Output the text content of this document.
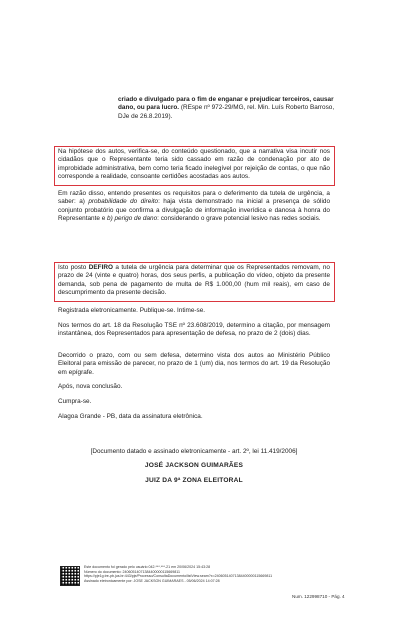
criado e divulgado para o fim de enganar e prejudicar terceiros, causar
dano, ou para lucro. (REspe nº 972-29/MG, rel. Min. Luís Roberto Barroso,
DJe de 26.8.2019).
Na hipótese dos autos, verifica-se, do conteúdo questionado, que a narrativa visa incutir nos cidadãos que o Representante teria sido cassado em razão de condenação por ato de improbidade administrativa, bem como teria ficado inelegível por rejeição de contas, o que não corresponde a realidade, consoante certidões acostadas aos autos.
Em razão disso, entendo presentes os requisitos para o deferimento da tutela de urgência, a saber: a) probabilidade do direito: haja vista demonstrado na inicial a presença de sólido conjunto probatório que confirma a divulgação de informação inverídica e danosa à honra do Representante e b) perigo de dano: considerando o grave potencial lesivo nas redes sociais.
Isto posto DEFIRO a tutela de urgência para determinar que os Representados removam, no prazo de 24 (vinte e quatro) horas, dos seus perfis, a publicação do vídeo, objeto da presente demanda, sob pena de pagamento de multa de R$ 1.000,00 (hum mil reais), em caso de descumprimento da presente decisão.
Registrada eletronicamente. Publique-se. Intime-se.
Nos termos do art. 18 da Resolução TSE nº 23.608/2019, determino a citação, por mensagem instantânea, dos Representados para apresentação de defesa, no prazo de 2 (dois) dias.
Decorrido o prazo, com ou sem defesa, determino vista dos autos ao Ministério Público Eleitoral para emissão de parecer, no prazo de 1 (um) dia, nos termos do art. 19 da Resolução em epígrafe.
Após, nova conclusão.
Cumpra-se.
Alagoa Grande - PB, data da assinatura eletrônica.
[Documento datado e assinado eletronicamente - art. 2º, lei 11.419/2006]
JOSÉ JACKSON GUIMARÃES
JUIZ DA 9ª ZONA ELEITORAL
Este documento foi gerado pelo usuário 042.***.***-21 em 20/06/2024 15:43:28
Número do documento: 24060514071384400000115669811
https://pje1g.tre-pb.jus.br:443/pje/Processo/ConsultaDocumento/listView.seam?x=24060514071384400000115669811
Assinado eletronicamente por: JOSE JACKSON GUIMARAES - 05/06/2024 14:07:28
Num. 122998710 - Pág. 4
